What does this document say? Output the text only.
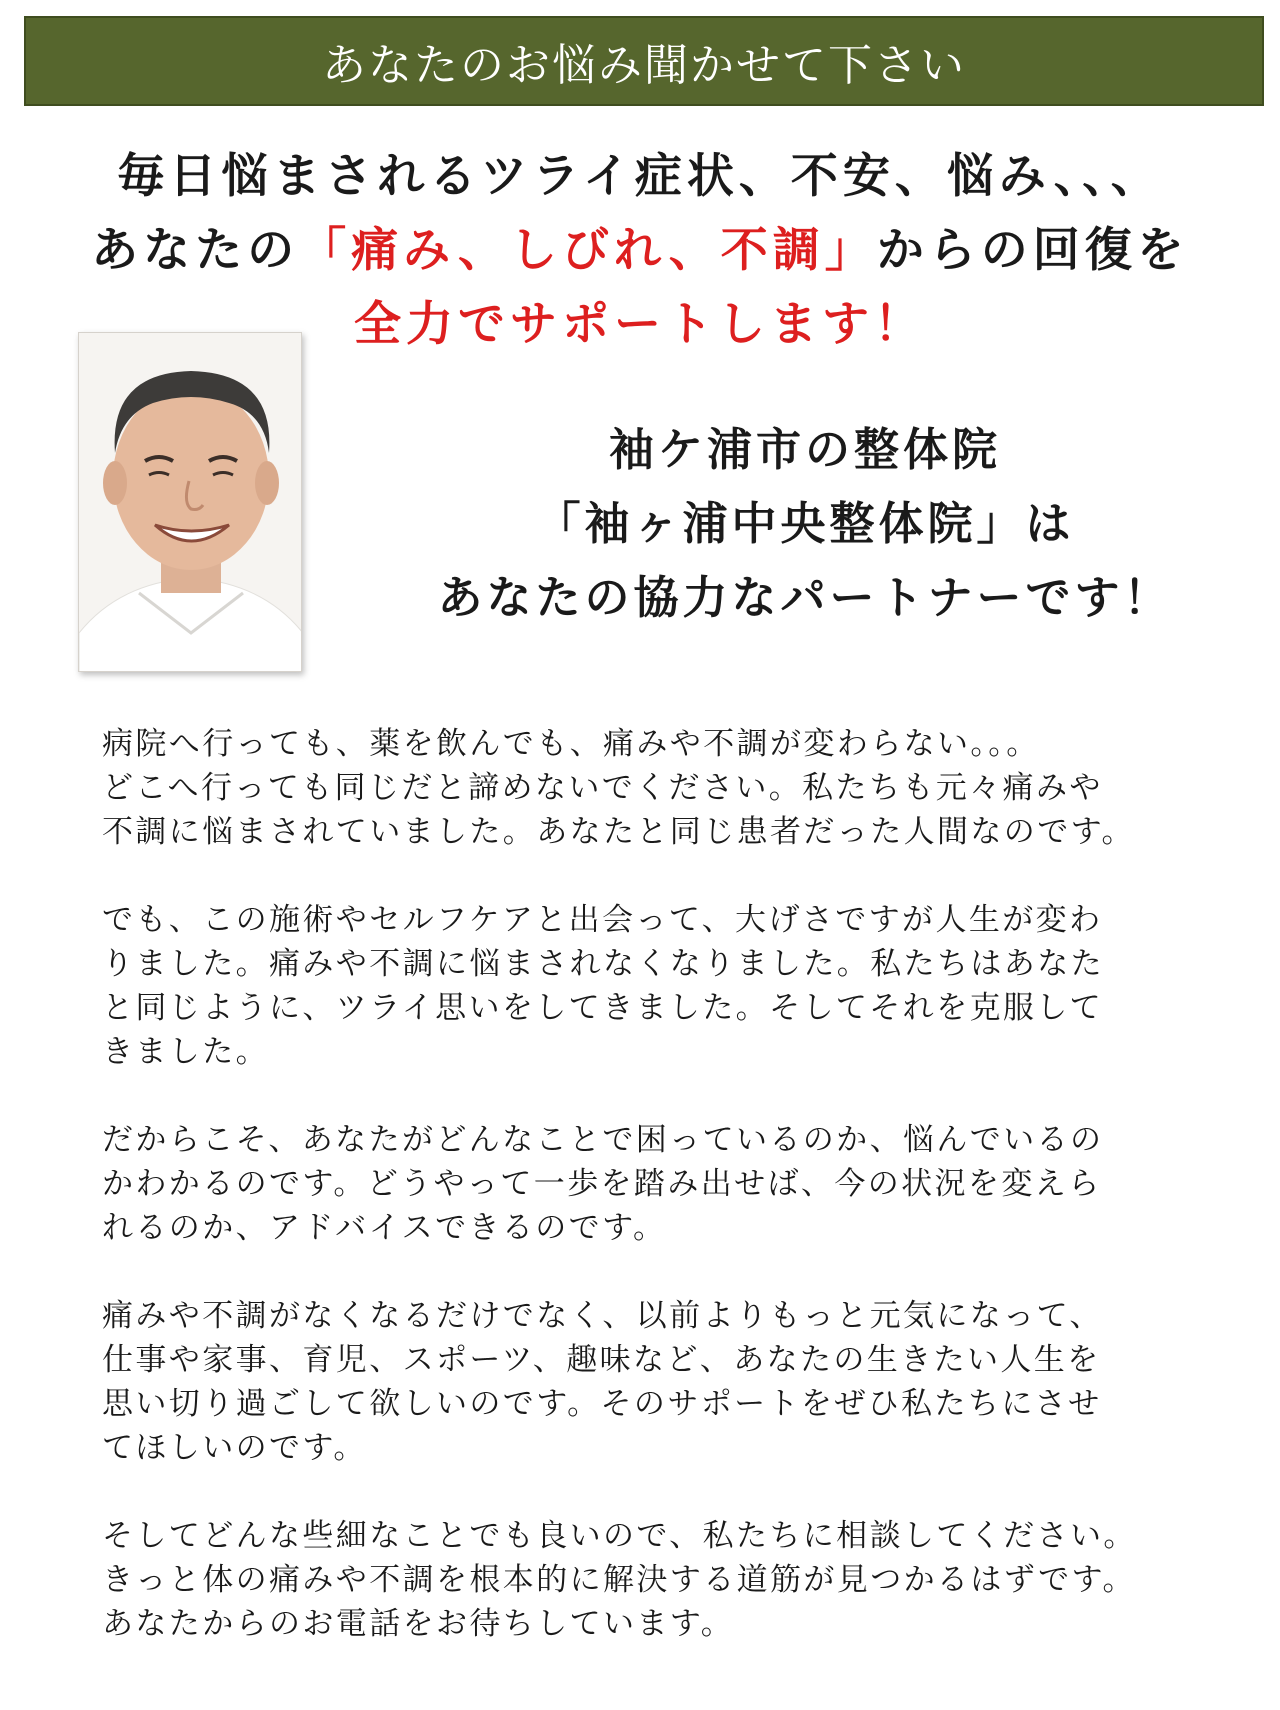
あなたのお悩み聞かせて下さい
毎日悩まされるツライ症状、不安、悩み、、、
あなたの「痛み、しびれ、不調」からの回復を
全力でサポートします！
袖ケ浦市の整体院
「袖ヶ浦中央整体院」は
あなたの協力なパートナーです！

病院へ行っても、薬を飲んでも、痛みや不調が変わらない。。。
どこへ行っても同じだと諦めないでください。私たちも元々痛みや
不調に悩まされていました。あなたと同じ患者だった人間なのです。

でも、この施術やセルフケアと出会って、大げさですが人生が変わ
りました。痛みや不調に悩まされなくなりました。私たちはあなた
と同じように、ツライ思いをしてきました。そしてそれを克服して
きました。

だからこそ、あなたがどんなことで困っているのか、悩んでいるの
かわかるのです。どうやって一歩を踏み出せば、今の状況を変えら
れるのか、アドバイスできるのです。

痛みや不調がなくなるだけでなく、以前よりもっと元気になって、
仕事や家事、育児、スポーツ、趣味など、あなたの生きたい人生を
思い切り過ごして欲しいのです。そのサポートをぜひ私たちにさせ
てほしいのです。

そしてどんな些細なことでも良いので、私たちに相談してください。
きっと体の痛みや不調を根本的に解決する道筋が見つかるはずです。
あなたからのお電話をお待ちしています。
